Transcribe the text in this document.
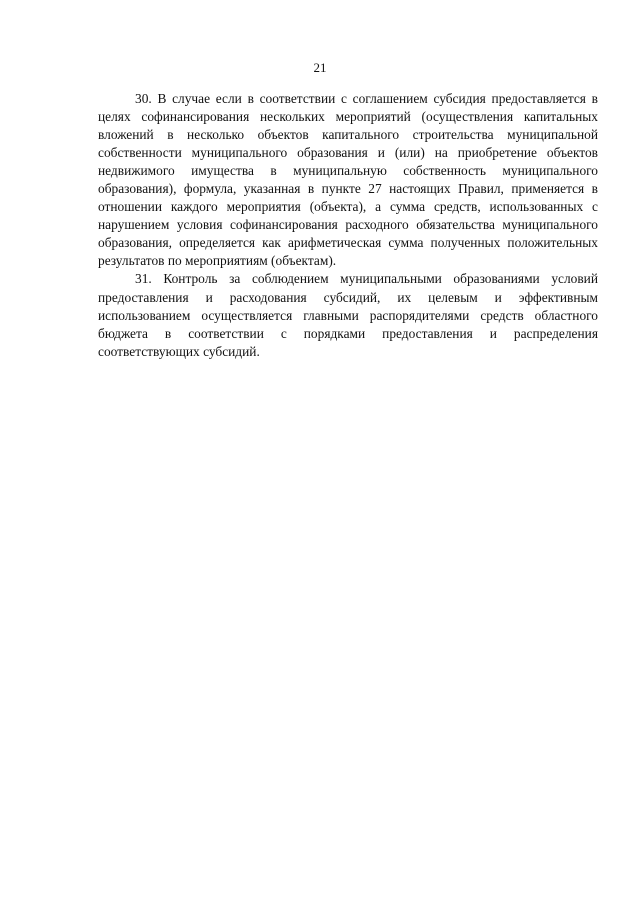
21

30. В случае если в соответствии с соглашением субсидия предоставляется в целях софинансирования нескольких мероприятий (осуществления капитальных вложений в несколько объектов капитального строительства муниципальной собственности муниципального образования и (или) на приобретение объектов недвижимого имущества в муниципальную собственность муниципального образования), формула, указанная в пункте 27 настоящих Правил, применяется в отношении каждого мероприятия (объекта), а сумма средств, использованных с нарушением условия софинансирования расходного обязательства муниципального образования, определяется как арифметическая сумма полученных положительных результатов по мероприятиям (объектам).

31. Контроль за соблюдением муниципальными образованиями условий предоставления и расходования субсидий, их целевым и эффективным использованием осуществляется главными распорядителями средств областного бюджета в соответствии с порядками предоставления и распределения соответствующих субсидий.
